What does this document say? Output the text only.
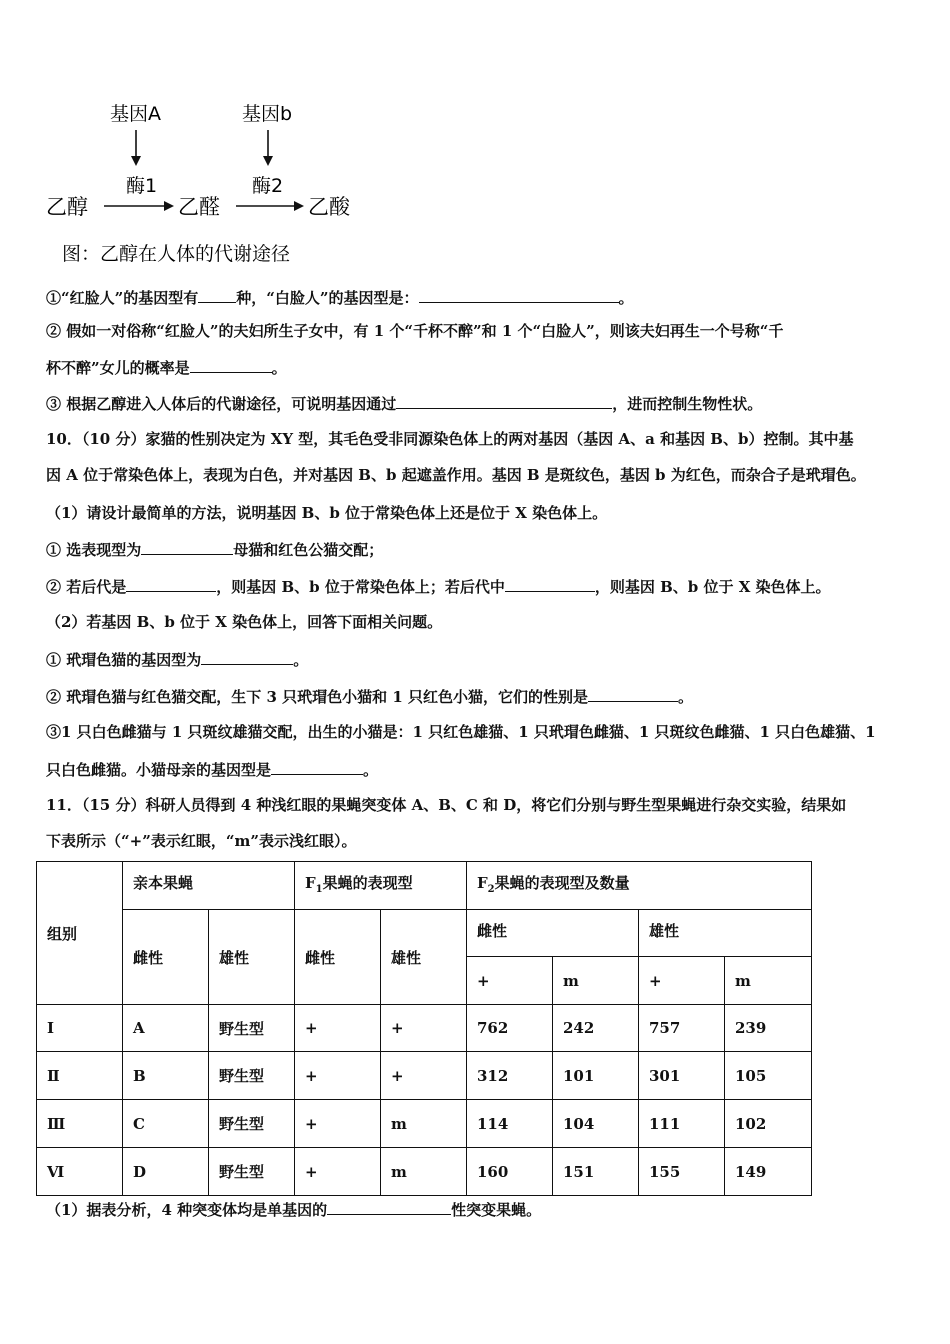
基因A	基因b
酶1	酶2
乙醇	乙醛	乙酸
图：乙醇在人体的代谢途径
①“红脸人”的基因型有	种，“白脸人”的基因型是：	。
② 假如一对俗称“红脸人”的夫妇所生子女中，有 1 个“千杯不醉”和 1 个“白脸人”，则该夫妇再生一个号称“千
杯不醉”女儿的概率是	。
③ 根据乙醇进入人体后的代谢途径，可说明基因通过	，进而控制生物性状。
10．（10 分）家猫的性别决定为 XY 型，其毛色受非同源染色体上的两对基因（基因 A、a 和基因 B、b）控制。其中基
因 A 位于常染色体上，表现为白色，并对基因 B、b 起遮盖作用。基因 B 是斑纹色，基因 b 为红色，而杂合子是玳瑁色。
（1）请设计最简单的方法，说明基因 B、b 位于常染色体上还是位于 X 染色体上。
① 选表现型为	母猫和红色公猫交配；
② 若后代是	，则基因 B、b 位于常染色体上；若后代中	，则基因 B、b 位于 X 染色体上。
（2）若基因 B、b 位于 X 染色体上，回答下面相关问题。
① 玳瑁色猫的基因型为	。
② 玳瑁色猫与红色猫交配，生下 3 只玳瑁色小猫和 1 只红色小猫，它们的性别是	。
③1 只白色雌猫与 1 只斑纹雄猫交配，出生的小猫是：1 只红色雄猫、1 只玳瑁色雌猫、1 只斑纹色雌猫、1 只白色雄猫、1
只白色雌猫。小猫母亲的基因型是	。
11．（15 分）科研人员得到 4 种浅红眼的果蝇突变体 A、B、C 和 D，将它们分别与野生型果蝇进行杂交实验，结果如
下表所示（“+”表示红眼，“m”表示浅红眼）。
组别	亲本果蝇		$F_1$果蝇的表现型		$F_2$果蝇的表现型及数量			
	雌性	雄性	雌性	雄性	雌性		雄性	
					+	m	+	m
Ⅰ	A	野生型	+	+	762	242	757	239
Ⅱ	B	野生型	+	+	312	101	301	105
Ⅲ	C	野生型	+	m	114	104	111	102
Ⅵ	D	野生型	+	m	160	151	155	149
（1）据表分析，4 种突变体均是单基因的	性突变果蝇。
